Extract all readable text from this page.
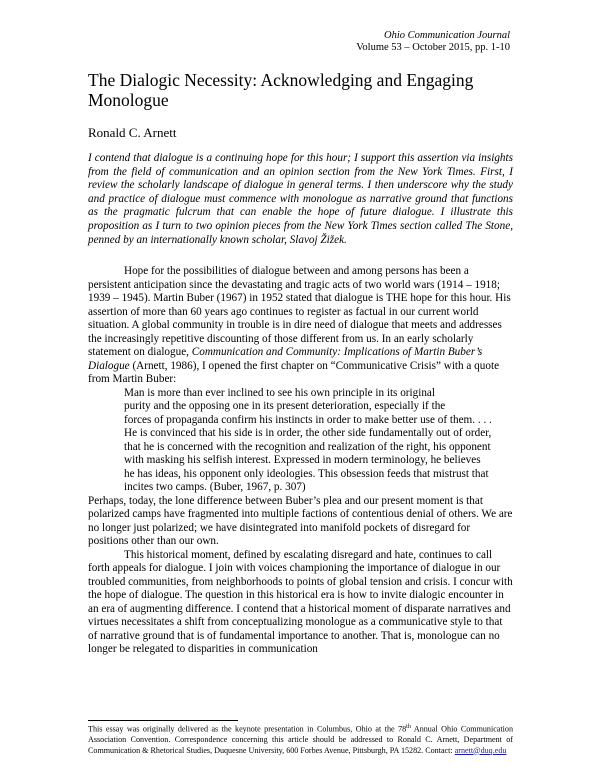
Ohio Communication Journal
Volume 53 – October 2015, pp. 1-10
The Dialogic Necessity: Acknowledging and Engaging Monologue
Ronald C. Arnett
I contend that dialogue is a continuing hope for this hour; I support this assertion via insights from the field of communication and an opinion section from the New York Times. First, I review the scholarly landscape of dialogue in general terms. I then underscore why the study and practice of dialogue must commence with monologue as narrative ground that functions as the pragmatic fulcrum that can enable the hope of future dialogue. I illustrate this proposition as I turn to two opinion pieces from the New York Times section called The Stone, penned by an internationally known scholar, Slavoj Žižek.

Hope for the possibilities of dialogue between and among persons has been a persistent anticipation since the devastating and tragic acts of two world wars (1914 – 1918; 1939 – 1945). Martin Buber (1967) in 1952 stated that dialogue is THE hope for this hour. His assertion of more than 60 years ago continues to register as factual in our current world situation. A global community in trouble is in dire need of dialogue that meets and addresses the increasingly repetitive discounting of those different from us. In an early scholarly statement on dialogue, Communication and Community: Implications of Martin Buber’s Dialogue (Arnett, 1986), I opened the first chapter on “Communicative Crisis” with a quote from Martin Buber:

Man is more than ever inclined to see his own principle in its original
purity and the opposing one in its present deterioration, especially if the
forces of propaganda confirm his instincts in order to make better use of them. . . .
He is convinced that his side is in order, the other side fundamentally out of order,
that he is concerned with the recognition and realization of the right, his opponent
with masking his selfish interest. Expressed in modern terminology, he believes
he has ideas, his opponent only ideologies. This obsession feeds that mistrust that
incites two camps. (Buber, 1967, p. 307)

Perhaps, today, the lone difference between Buber’s plea and our present moment is that polarized camps have fragmented into multiple factions of contentious denial of others. We are no longer just polarized; we have disintegrated into manifold pockets of disregard for positions other than our own.

This historical moment, defined by escalating disregard and hate, continues to call forth appeals for dialogue. I join with voices championing the importance of dialogue in our troubled communities, from neighborhoods to points of global tension and crisis. I concur with the hope of dialogue. The question in this historical era is how to invite dialogic encounter in an era of augmenting difference. I contend that a historical moment of disparate narratives and virtues necessitates a shift from conceptualizing monologue as a communicative style to that of narrative ground that is of fundamental importance to another. That is, monologue can no longer be relegated to disparities in communication

This essay was originally delivered as the keynote presentation in Columbus, Ohio at the 78th Annual Ohio Communication Association Convention. Correspondence concerning this article should be addressed to Ronald C. Arnett, Department of Communication & Rhetorical Studies, Duquesne University, 600 Forbes Avenue, Pittsburgh, PA 15282. Contact: arnett@duq.edu
